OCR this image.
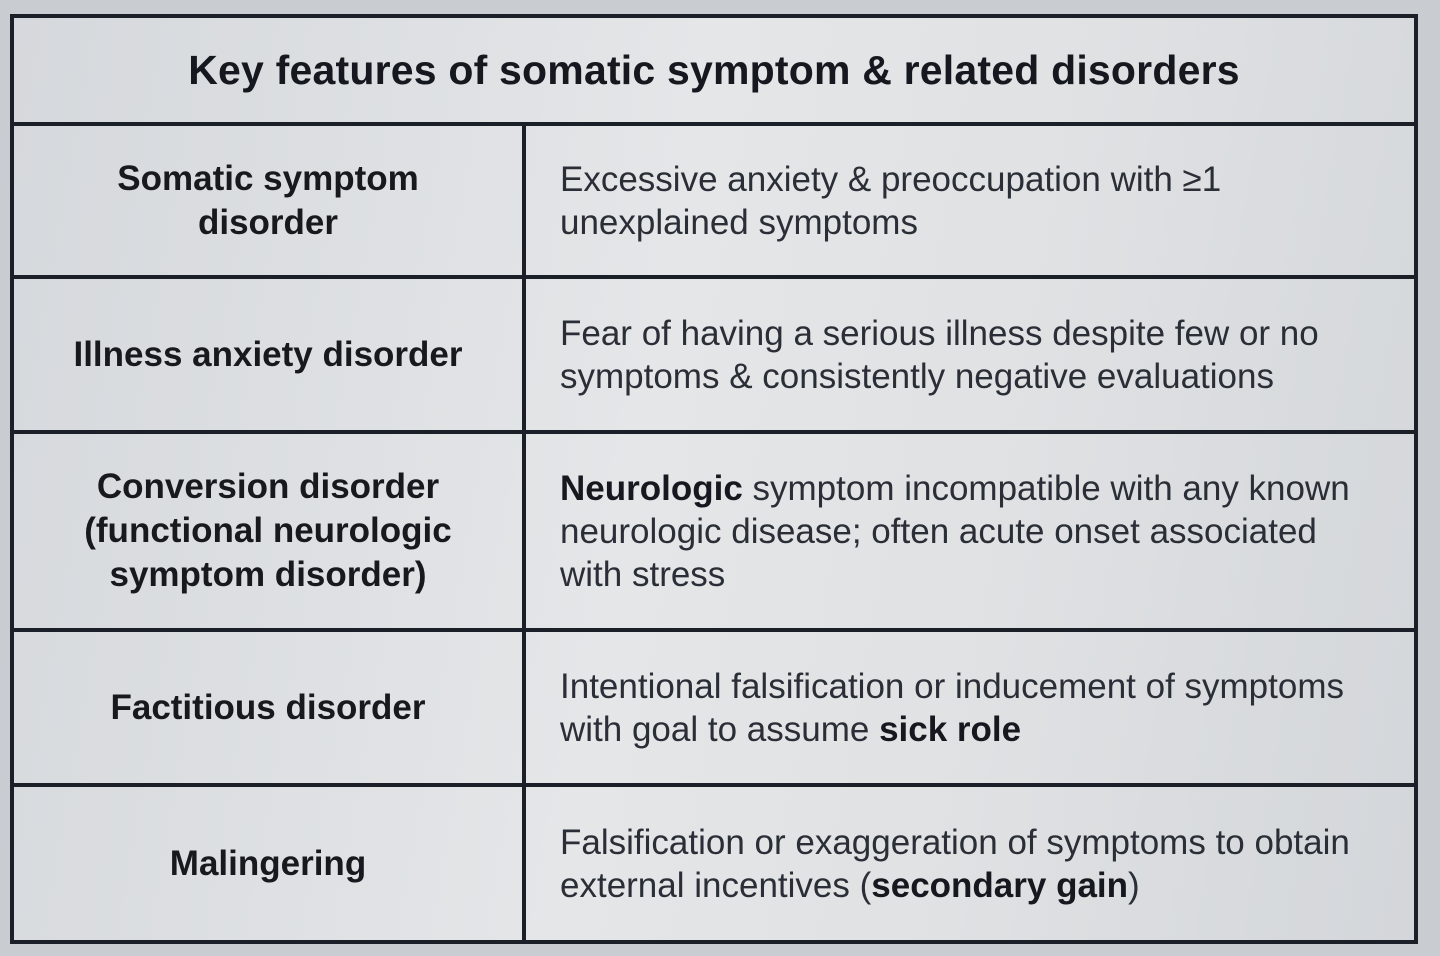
Key features of somatic symptom & related disorders
Somatic symptom disorder
Excessive anxiety & preoccupation with ≥1 unexplained symptoms
Illness anxiety disorder
Fear of having a serious illness despite few or no symptoms & consistently negative evaluations
Conversion disorder (functional neurologic symptom disorder)
Neurologic symptom incompatible with any known neurologic disease; often acute onset associated with stress
Factitious disorder
Intentional falsification or inducement of symptoms with goal to assume sick role
Malingering
Falsification or exaggeration of symptoms to obtain external incentives (secondary gain)
